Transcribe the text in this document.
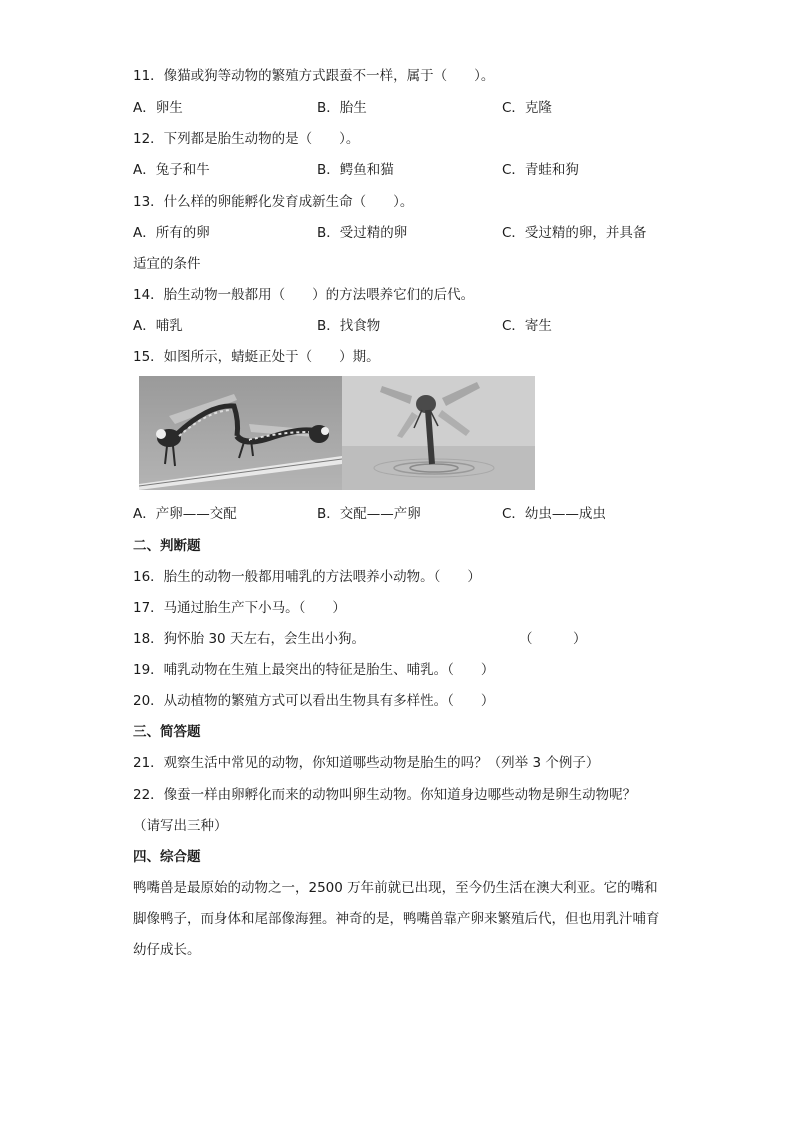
11．像猫或狗等动物的繁殖方式跟蚕不一样，属于（　　）。
A．卵生	B．胎生	C．克隆
12．下列都是胎生动物的是（　　）。
A．兔子和牛	B．鳄鱼和猫	C．青蛙和狗
13．什么样的卵能孵化发育成新生命（　　）。
A．所有的卵	B．受过精的卵	C．受过精的卵，并具备
适宜的条件
14．胎生动物一般都用（　　）的方法喂养它们的后代。
A．哺乳	B．找食物	C．寄生
15．如图所示，蜻蜓正处于（　　）期。
A．产卵——交配	B．交配——产卵	C．幼虫——成虫
二、判断题
16．胎生的动物一般都用哺乳的方法喂养小动物。（　　）
17．马通过胎生产下小马。（　　）
18．狗怀胎 30 天左右，会生出小狗。	（　　　）
19．哺乳动物在生殖上最突出的特征是胎生、哺乳。（　　）
20．从动植物的繁殖方式可以看出生物具有多样性。（　　）
三、简答题
21．观察生活中常见的动物，你知道哪些动物是胎生的吗？（列举 3 个例子）
22．像蚕一样由卵孵化而来的动物叫卵生动物。你知道身边哪些动物是卵生动物呢？
（请写出三种）
四、综合题
鸭嘴兽是最原始的动物之一，2500 万年前就已出现，至今仍生活在澳大利亚。它的嘴和脚像鸭子，而身体和尾部像海狸。神奇的是，鸭嘴兽靠产卵来繁殖后代，但也用乳汁哺育幼仔成长。
